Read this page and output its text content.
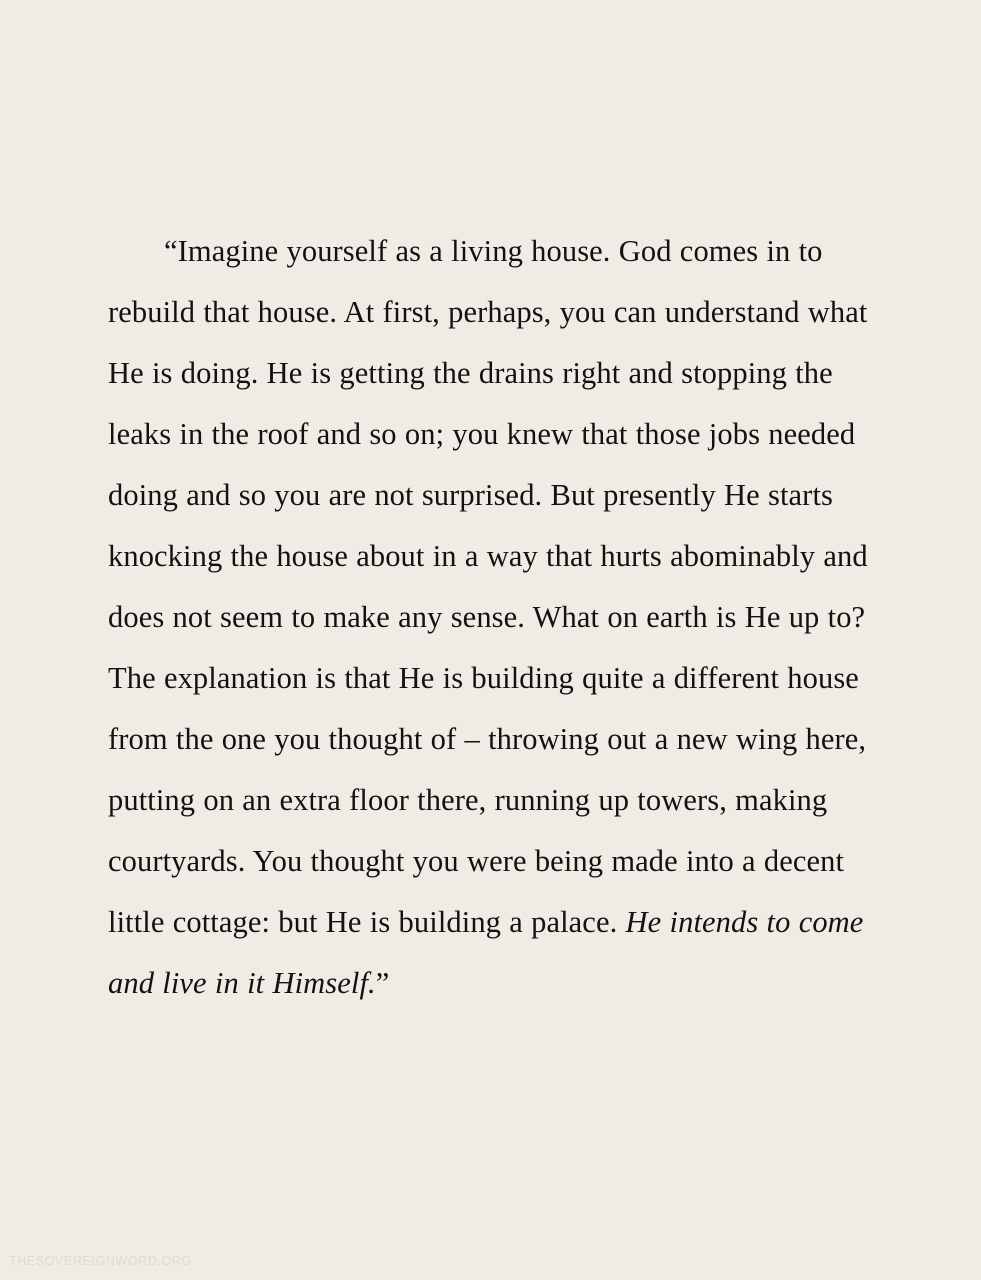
“Imagine yourself as a living house. God comes in to rebuild that house. At first, perhaps, you can understand what He is doing. He is getting the drains right and stopping the leaks in the roof and so on; you knew that those jobs needed doing and so you are not surprised. But presently He starts knocking the house about in a way that hurts abominably and does not seem to make any sense. What on earth is He up to? The explanation is that He is building quite a different house from the one you thought of – throwing out a new wing here, putting on an extra floor there, running up towers, making courtyards. You thought you were being made into a decent little cottage: but He is building a palace. He intends to come and live in it Himself.”

THESOVEREIGNWORD.ORG
